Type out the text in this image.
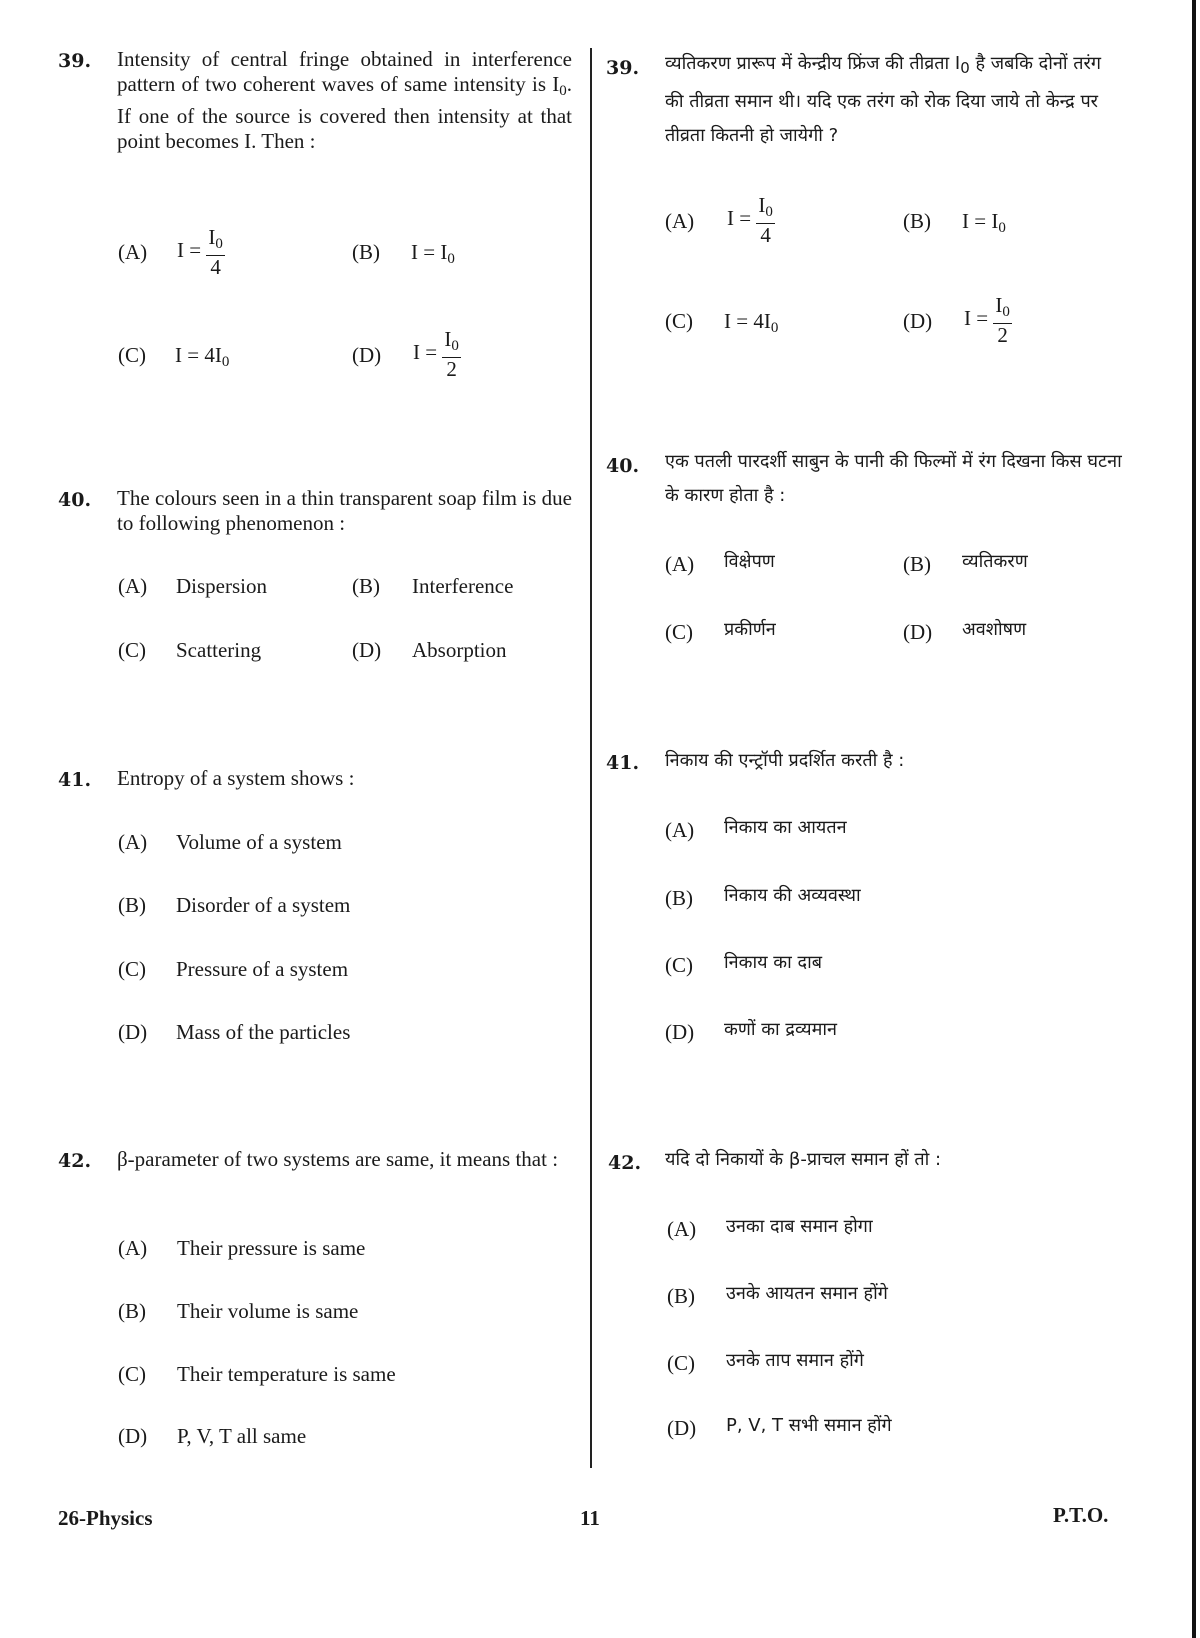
39. Intensity of central fringe obtained in interference pattern of two coherent waves of same intensity is $I_0$. If one of the source is covered then intensity at that point becomes I. Then :
(A) $I = \frac{I_0}{4}$	(B) $I = I_0$
(C) $I = 4I_0$	(D) $I = \frac{I_0}{2}$
40. The colours seen in a thin transparent soap film is due to following phenomenon :
(A) Dispersion	(B) Interference
(C) Scattering	(D) Absorption
41. Entropy of a system shows :
(A) Volume of a system
(B) Disorder of a system
(C) Pressure of a system
(D) Mass of the particles
42. β-parameter of two systems are same, it means that :
(A) Their pressure is same
(B) Their volume is same
(C) Their temperature is same
(D) P, V, T all same
39. व्यतिकरण प्रारूप में केन्द्रीय फ्रिंज की तीव्रता $I_0$ है जबकि दोनों तरंग की तीव्रता समान थी। यदि एक तरंग को रोक दिया जाये तो केन्द्र पर तीव्रता कितनी हो जायेगी ?
(A) $I = \frac{I_0}{4}$	(B) $I = I_0$
(C) $I = 4I_0$	(D) $I = \frac{I_0}{2}$
40. एक पतली पारदर्शी साबुन के पानी की फिल्मों में रंग दिखना किस घटना के कारण होता है :
(A) विक्षेपण	(B) व्यतिकरण
(C) प्रकीर्णन	(D) अवशोषण
41. निकाय की एन्ट्रॉपी प्रदर्शित करती है :
(A) निकाय का आयतन
(B) निकाय की अव्यवस्था
(C) निकाय का दाब
(D) कणों का द्रव्यमान
42. यदि दो निकायों के β-प्राचल समान हों तो :
(A) उनका दाब समान होगा
(B) उनके आयतन समान होंगे
(C) उनके ताप समान होंगे
(D) P, V, T सभी समान होंगे
26-Physics	11	P.T.O.
